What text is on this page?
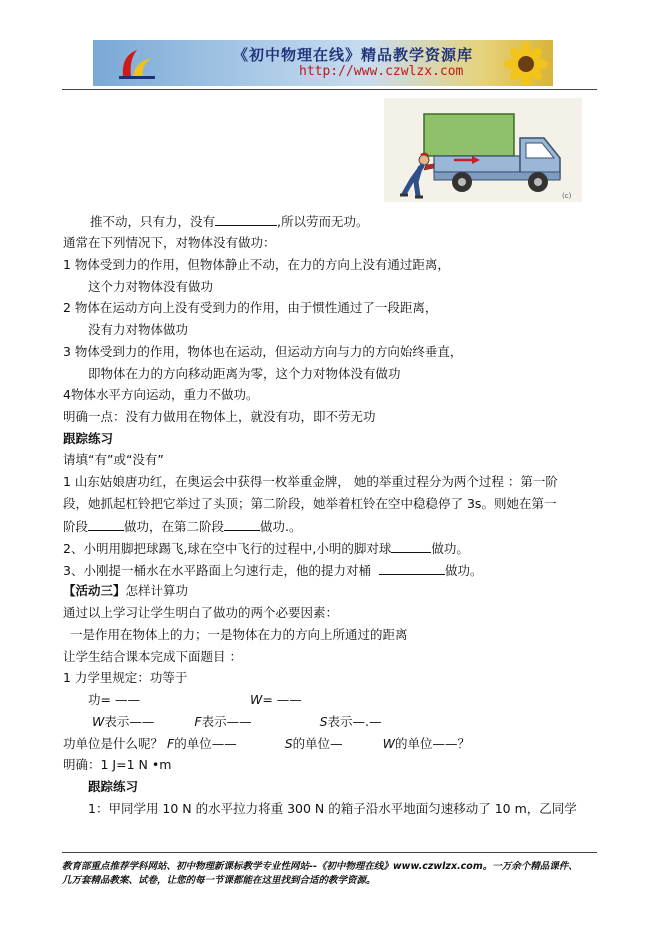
《初中物理在线》精品教学资源库
http://www.czwlzx.com
(c)
推不动，只有力，没有	,所以劳而无功。
通常在下列情况下，对物体没有做功：
1 物体受到力的作用，但物体静止不动，在力的方向上没有通过距离，
这个力对物体没有做功
2 物体在运动方向上没有受到力的作用，由于惯性通过了一段距离，
没有力对物体做功
3 物体受到力的作用，物体也在运动，但运动方向与力的方向始终垂直，
即物体在力的方向移动距离为零，这个力对物体没有做功
4物体水平方向运动，重力不做功。
明确一点：没有力做用在物体上，就没有功，即不劳无功
跟踪练习
请填“有”或“没有”
1 山东姑娘唐功红，在奥运会中获得一枚举重金牌， 她的举重过程分为两个过程 ：第一阶
段，她抓起杠铃把它举过了头顶；第二阶段，她举着杠铃在空中稳稳停了 3s。则她在第一
阶段	做功，在第二阶段	做功.。
2、小明用脚把球踢飞,球在空中飞行的过程中,小明的脚对球	做功。
3、小刚提一桶水在水平路面上匀速行走，他的提力对桶	做功。
【活动三】怎样计算功
通过以上学习让学生明白了做功的两个必要因素：
一是作用在物体上的力；一是物体在力的方向上所通过的距离
让学生结合课本完成下面题目 ：
1 力学里规定：功等于
功= ——	W= ——
W表示——	F表示——	S表示—.—
功单位是什么呢？ F的单位——	S的单位—	W的单位——？
明确：1 J=1 N •m
跟踪练习
1：甲同学用 10 N 的水平拉力将重 300 N 的箱子沿水平地面匀速移动了 10 m，乙同学
教育部重点推荐学科网站、初中物理新课标教学专业性网站--《初中物理在线》www.czwlzx.com。一万余个精品课件、
几万套精品教案、试卷，让您的每一节课都能在这里找到合适的教学资源。
